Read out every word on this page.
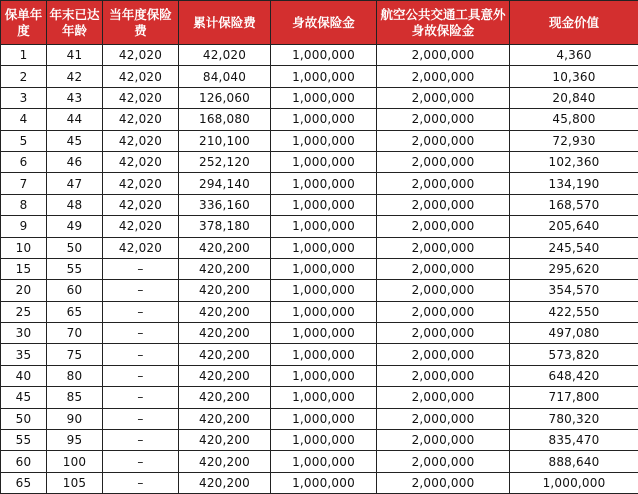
保单年度	年末已达年龄	当年度保险费	累计保险费	身故保险金	航空公共交通工具意外身故保险金	现金价值
1	41	42,020	42,020	1,000,000	2,000,000	4,360
2	42	42,020	84,040	1,000,000	2,000,000	10,360
3	43	42,020	126,060	1,000,000	2,000,000	20,840
4	44	42,020	168,080	1,000,000	2,000,000	45,800
5	45	42,020	210,100	1,000,000	2,000,000	72,930
6	46	42,020	252,120	1,000,000	2,000,000	102,360
7	47	42,020	294,140	1,000,000	2,000,000	134,190
8	48	42,020	336,160	1,000,000	2,000,000	168,570
9	49	42,020	378,180	1,000,000	2,000,000	205,640
10	50	42,020	420,200	1,000,000	2,000,000	245,540
15	55	–	420,200	1,000,000	2,000,000	295,620
20	60	–	420,200	1,000,000	2,000,000	354,570
25	65	–	420,200	1,000,000	2,000,000	422,550
30	70	–	420,200	1,000,000	2,000,000	497,080
35	75	–	420,200	1,000,000	2,000,000	573,820
40	80	–	420,200	1,000,000	2,000,000	648,420
45	85	–	420,200	1,000,000	2,000,000	717,800
50	90	–	420,200	1,000,000	2,000,000	780,320
55	95	–	420,200	1,000,000	2,000,000	835,470
60	100	–	420,200	1,000,000	2,000,000	888,640
65	105	–	420,200	1,000,000	2,000,000	1,000,000
